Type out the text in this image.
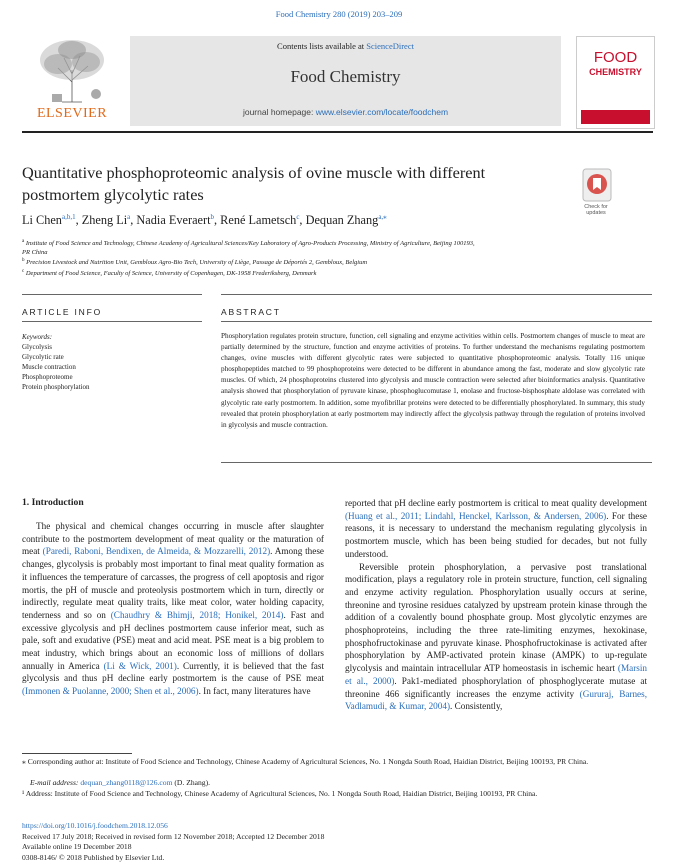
Food Chemistry 280 (2019) 203–209
ELSEVIER
Contents lists available at ScienceDirect
Food Chemistry
journal homepage: www.elsevier.com/locate/foodchem
FOOD
CHEMISTRY
Quantitative phosphoproteomic analysis of ovine muscle with different
postmortem glycolytic rates
Check for
updates
Li Chen$^{a,b,1}$, Zheng Li$^a$, Nadia Everaert$^b$, René Lametsch$^c$, Dequan Zhang$^{a,⁎}$
$^a$ Institute of Food Science and Technology, Chinese Academy of Agricultural Sciences/Key Laboratory of Agro-Products Processing, Ministry of Agriculture, Beijing 100193,
PR China
$^b$ Precision Livestock and Nutrition Unit, Gembloux Agro-Bio Tech, University of Liège, Passage de Déportés 2, Gembloux, Belgium
$^c$ Department of Food Science, Faculty of Science, University of Copenhagen, DK-1958 Frederiksberg, Denmark
ARTICLE INFO	ABSTRACT
Keywords:
Glycolysis
Glycolytic rate
Muscle contraction
Phosphoproteome
Protein phosphorylation
Phosphorylation regulates protein structure, function, cell signaling and enzyme activities within cells. Postmortem changes of muscle to meat are partially determined by the structure, function and enzyme activities of proteins. To further understand the mechanisms regulating postmortem changes, ovine muscles with different glycolytic rates were subjected to quantitative phosphoproteomic analysis. Totally 116 unique phosphopeptides matched to 99 phosphoproteins were detected to be different in abundance among the fast, moderate and slow glycolytic rate muscles. Of which, 24 phosphoproteins clustered into glycolysis and muscle contraction were selected after bioinformatics analysis. Quantitative analysis showed that phosphorylation of pyruvate kinase, phosphoglucomutase 1, enolase and fructose-bisphosphate aldolase was correlated with glycolytic rate early postmortem. In addition, some myofibrillar proteins were detected to be differentially phosphorylated. In summary, this study revealed that protein phosphorylation at early postmortem may indirectly affect the glycolysis pathway through the regulation of proteins involved in glycolysis and muscle contraction.
1. Introduction

The physical and chemical changes occurring in muscle after slaughter contribute to the postmortem development of meat quality or the maturation of meat (Paredi, Raboni, Bendixen, de Almeida, & Mozzarelli, 2012). Among these changes, glycolysis is probably most important to final meat quality formation as it influences the temperature of carcasses, the progress of cell apoptosis and rigor mortis, the pH of muscle and proteolysis postmortem which in turn, directly or indirectly, regulate meat quality traits, like meat color, water holding capacity, tenderness and so on (Chaudhry & Bhimji, 2018; Honikel, 2014). Fast and excessive glycolysis and pH declines postmortem cause inferior meat, such as pale, soft and exudative (PSE) meat and acid meat. PSE meat is a big problem to meat industry, which brings about an economic loss of millions of dollars annually in America (Li & Wick, 2001). Currently, it is believed that the fast glycolysis and thus pH decline early postmortem is the cause of PSE meat (Immonen & Puolanne, 2000; Shen et al., 2006). In fact, many literatures have

reported that pH decline early postmortem is critical to meat quality development (Huang et al., 2011; Lindahl, Henckel, Karlsson, & Andersen, 2006). For these reasons, it is necessary to understand the mechanism regulating glycolysis in postmortem muscle, which has been being studied for decades, but not fully understood.

Reversible protein phosphorylation, a pervasive post translational modification, plays a regulatory role in protein structure, function, cell signaling and enzyme activity regulation. Phosphorylation usually occurs at serine, threonine and tyrosine residues catalyzed by upstream protein kinase through the addition of a covalently bound phosphate group. Most glycolytic enzymes are phosphoproteins, including the three rate-limiting enzymes, hexokinase, phosphofructokinase and pyruvate kinase. Phosphofructokinase is activated after phosphorylation by AMP-activated protein kinase (AMPK) to up-regulate glycolysis and maintain intracellular ATP homeostasis in ischemic heart (Marsin et al., 2000). Pak1-mediated phosphorylation of phosphoglycerate mutase at threonine 466 significantly increases the enzyme activity (Gururaj, Barnes, Vadlamudi, & Kumar, 2004). Consistently,

⁎ Corresponding author at: Institute of Food Science and Technology, Chinese Academy of Agricultural Sciences, No. 1 Nongda South Road, Haidian District, Beijing 100193, PR China.
E-mail address: dequan_zhang0118@126.com (D. Zhang).
¹ Address: Institute of Food Science and Technology, Chinese Academy of Agricultural Sciences, No. 1 Nongda South Road, Haidian District, Beijing 100193, PR China.
https://doi.org/10.1016/j.foodchem.2018.12.056
Received 17 July 2018; Received in revised form 12 November 2018; Accepted 12 December 2018
Available online 19 December 2018
0308-8146/ © 2018 Published by Elsevier Ltd.
